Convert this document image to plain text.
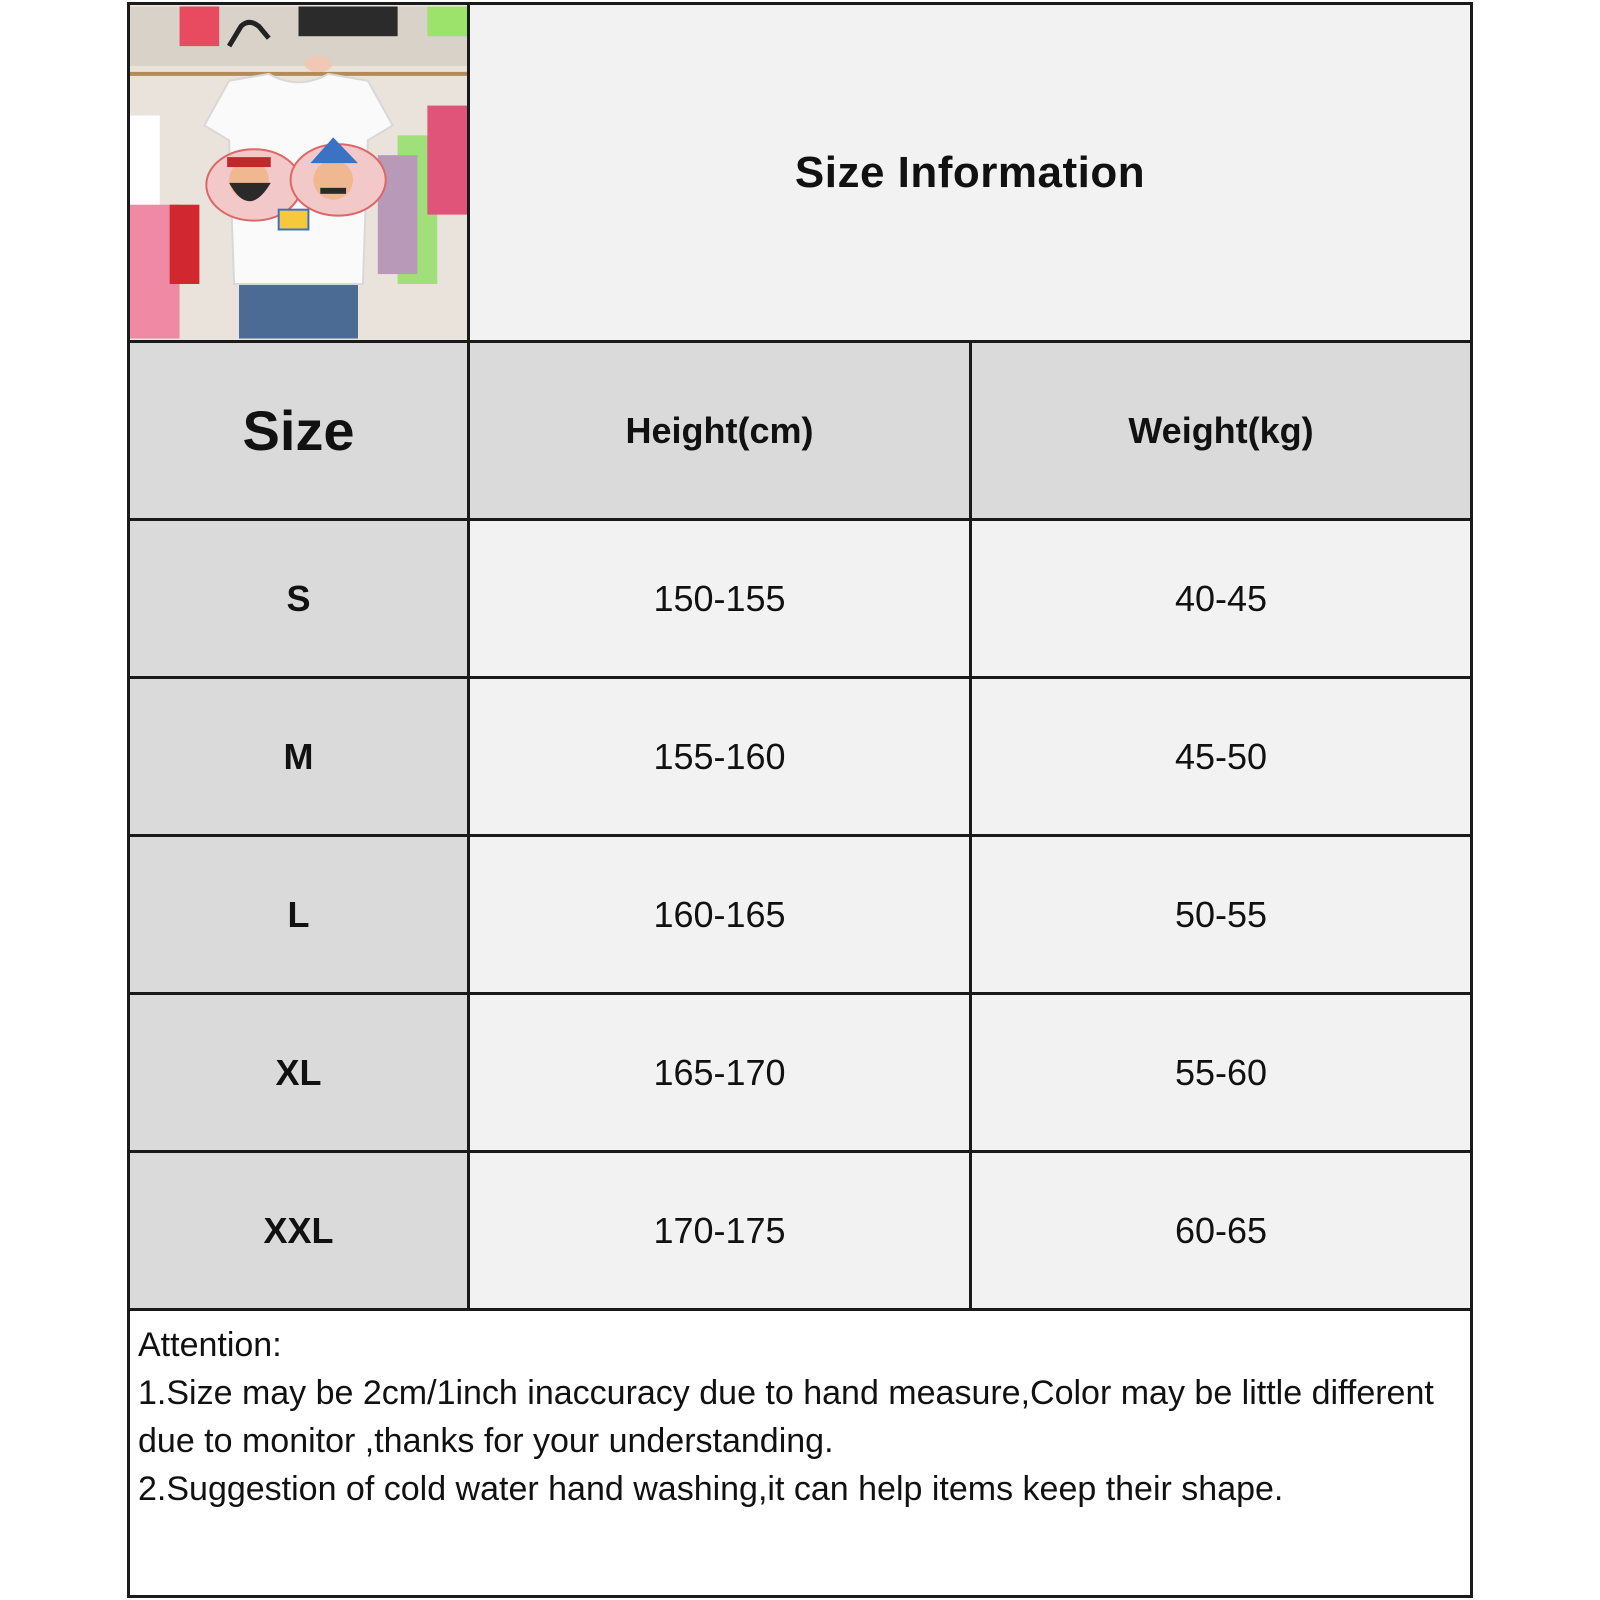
Size Information
Size	Height(cm)	Weight(kg)
S	150-155	40-45
M	155-160	45-50
L	160-165	50-55
XL	165-170	55-60
XXL	170-175	60-65

Attention:

1.Size may be 2cm/1inch inaccuracy due to hand measure,Color may be little different due to monitor ,thanks for your understanding.

2.Suggestion of cold water hand washing,it can help items keep their shape.
